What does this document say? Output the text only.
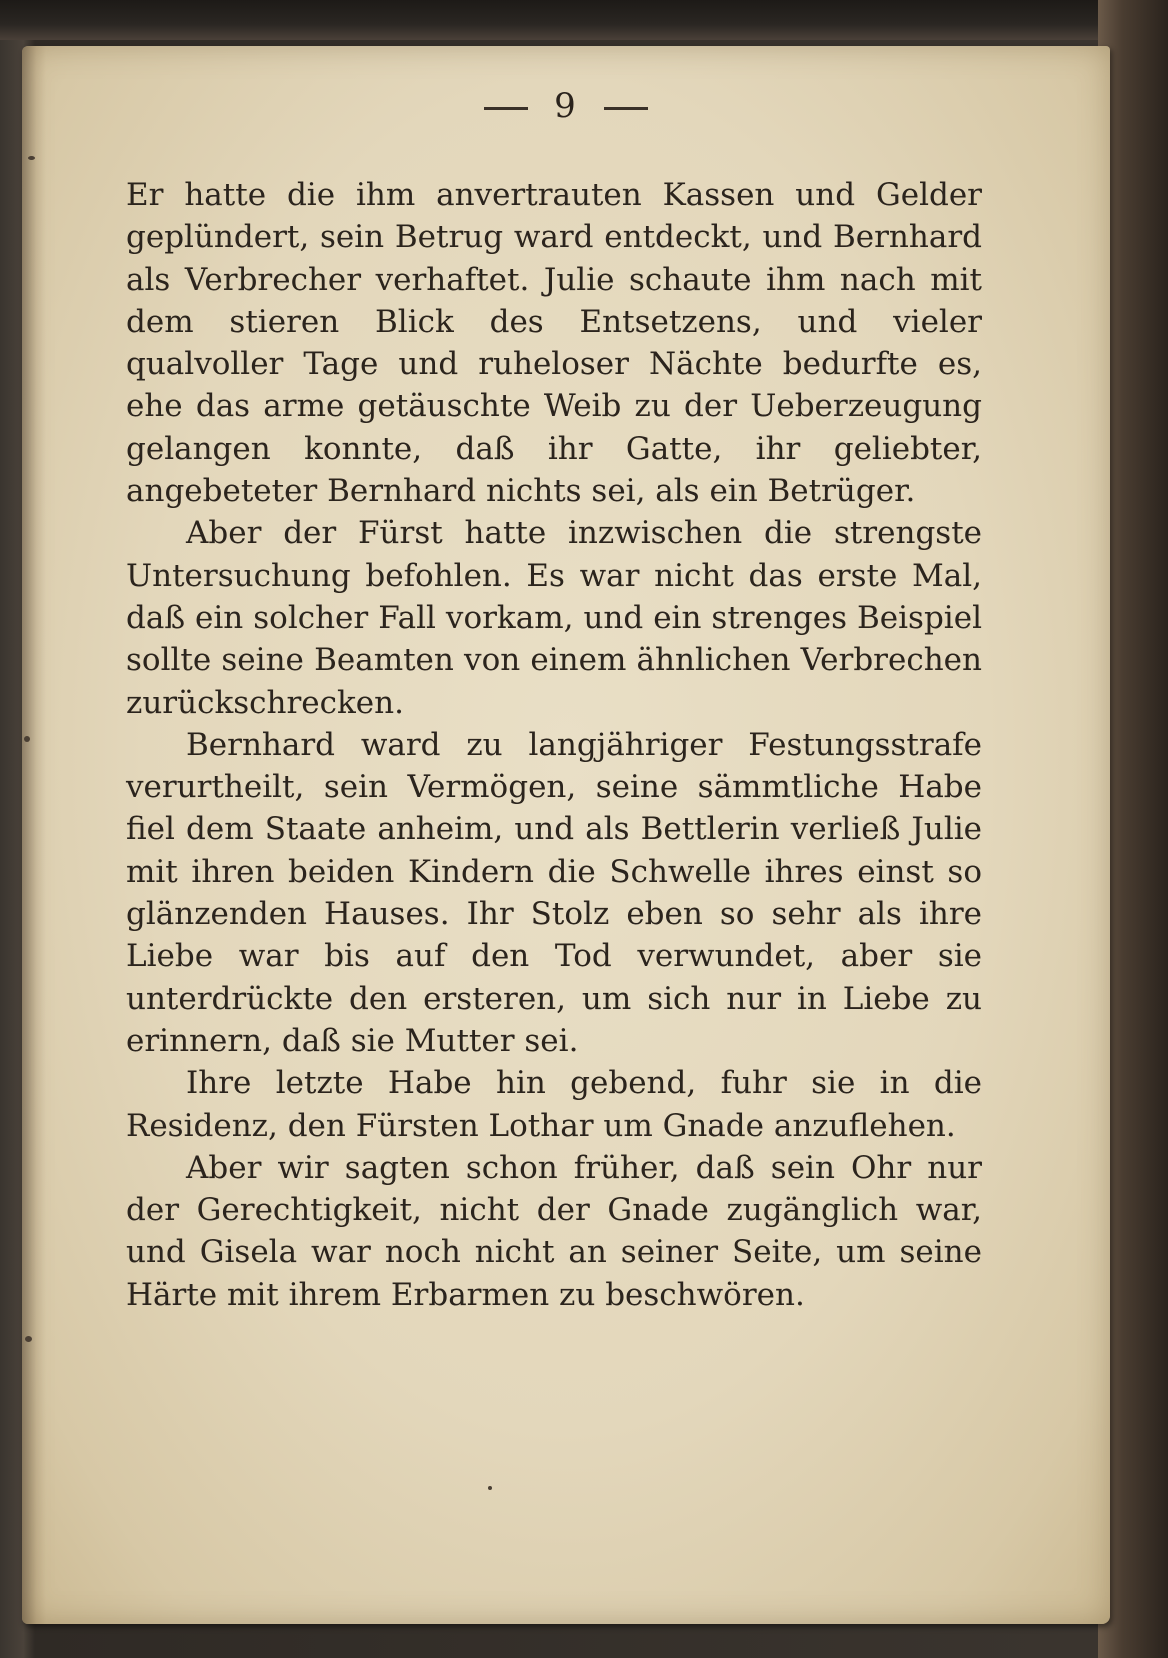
9

Er hatte die ihm anvertrauten Kassen und Gelder geplündert, sein Betrug ward entdeckt, und Bernhard als Verbrecher verhaftet. Julie schaute ihm nach mit dem stieren Blick des Entsetzens, und vieler qualvoller Tage und ruheloser Nächte bedurfte es, ehe das arme getäuschte Weib zu der Ueberzeugung gelangen konnte, daß ihr Gatte, ihr geliebter, angebeteter Bernhard nichts sei, als ein Betrüger.

Aber der Fürst hatte inzwischen die strengste Untersuchung befohlen. Es war nicht das erste Mal, daß ein solcher Fall vorkam, und ein strenges Beispiel sollte seine Beamten von einem ähnlichen Verbrechen zurückschrecken.

Bernhard ward zu langjähriger Festungsstrafe verurtheilt, sein Vermögen, seine sämmtliche Habe fiel dem Staate anheim, und als Bettlerin verließ Julie mit ihren beiden Kindern die Schwelle ihres einst so glänzenden Hauses. Ihr Stolz eben so sehr als ihre Liebe war bis auf den Tod verwundet, aber sie unterdrückte den ersteren, um sich nur in Liebe zu erinnern, daß sie Mutter sei.

Ihre letzte Habe hin gebend, fuhr sie in die Residenz, den Fürsten Lothar um Gnade anzuflehen.

Aber wir sagten schon früher, daß sein Ohr nur der Gerechtigkeit, nicht der Gnade zugänglich war, und Gisela war noch nicht an seiner Seite, um seine Härte mit ihrem Erbarmen zu beschwören.
